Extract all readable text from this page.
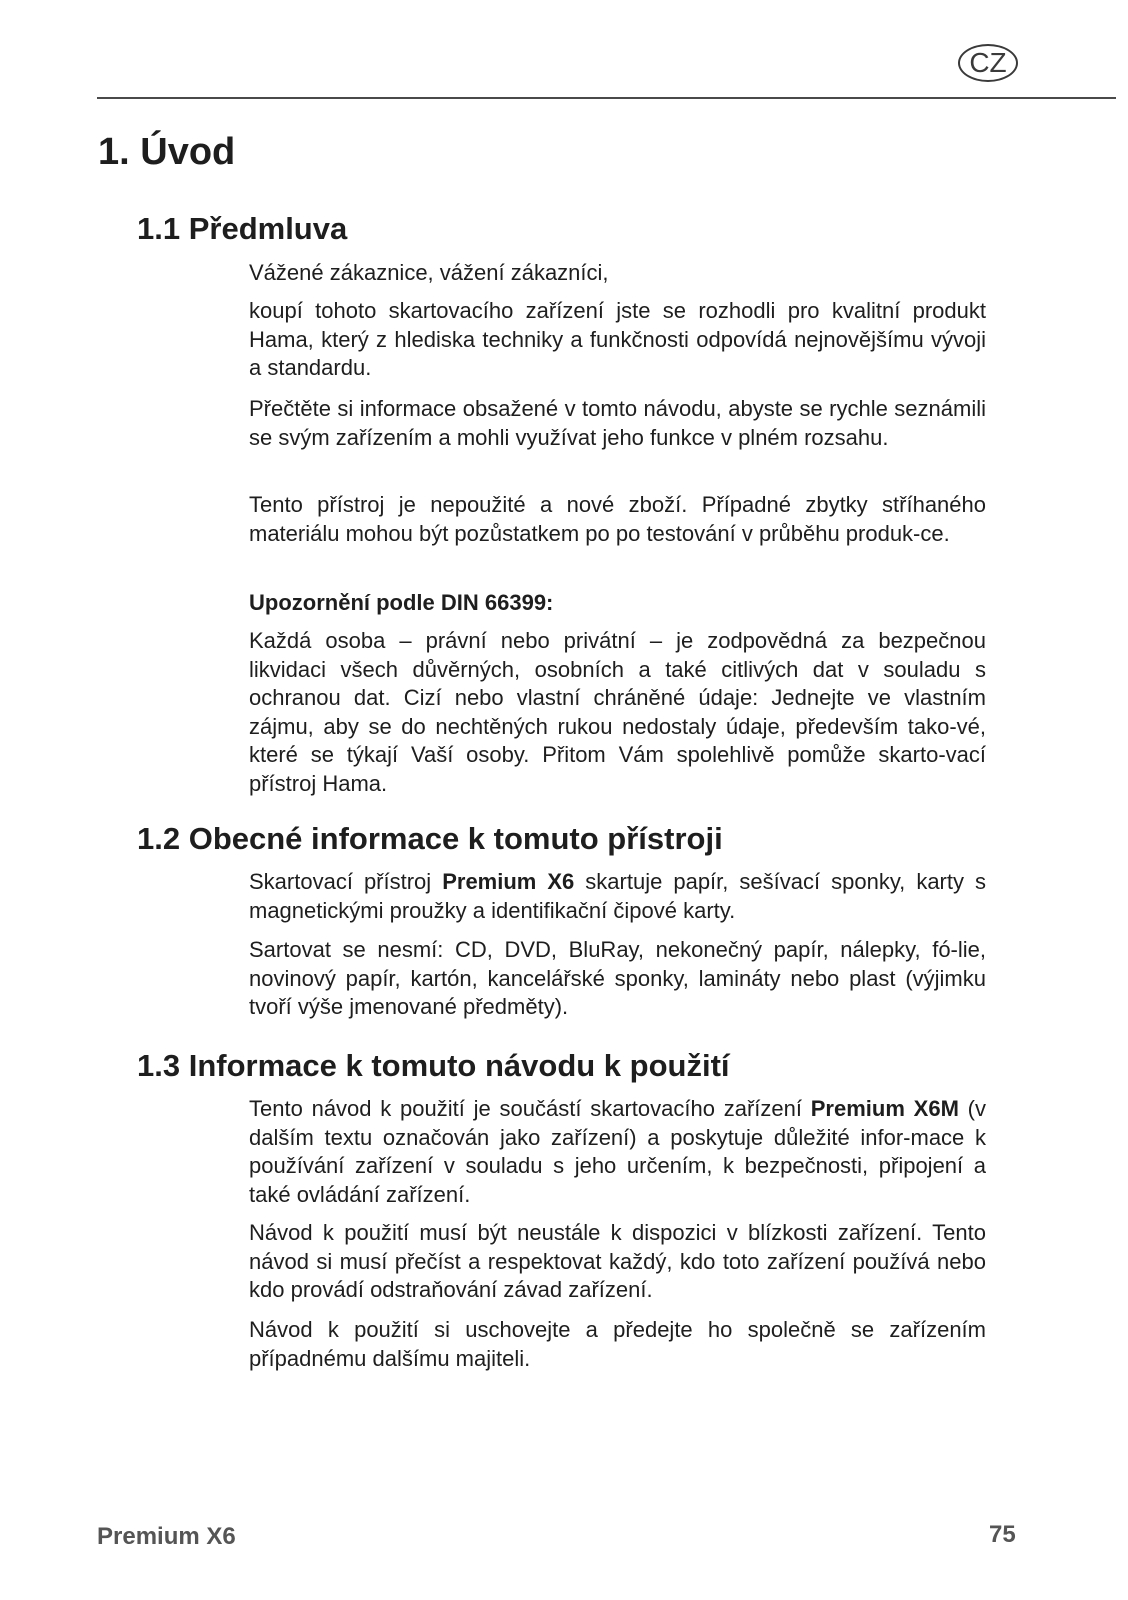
CZ
1. Úvod
1.1 Předmluva

Vážené zákaznice, vážení zákazníci,

koupí tohoto skartovacího zařízení jste se rozhodli pro kvalitní produkt Hama, který z hlediska techniky a funkčnosti odpovídá nejnovějšímu vývoji a standardu.

Přečtěte si informace obsažené v tomto návodu, abyste se rychle seznámili se svým zařízením a mohli využívat jeho funkce v plném rozsahu.

Tento přístroj je nepoužité a nové zboží. Případné zbytky stříhaného materiálu mohou být pozůstatkem po po testování v průběhu produk-ce.

Upozornění podle DIN 66399:

Každá osoba – právní nebo privátní – je zodpovědná za bezpečnou likvidaci všech důvěrných, osobních a také citlivých dat v souladu s ochranou dat. Cizí nebo vlastní chráněné údaje: Jednejte ve vlastním zájmu, aby se do nechtěných rukou nedostaly údaje, především tako-vé, které se týkají Vaší osoby. Přitom Vám spolehlivě pomůže skarto-vací přístroj Hama.

1.2 Obecné informace k tomuto přístroji

Skartovací přístroj Premium X6 skartuje papír, sešívací sponky, karty s magnetickými proužky a identifikační čipové karty.

Sartovat se nesmí: CD, DVD, BluRay, nekonečný papír, nálepky, fó-lie, novinový papír, kartón, kancelářské sponky, lamináty nebo plast (výjimku tvoří výše jmenované předměty).

1.3 Informace k tomuto návodu k použití

Tento návod k použití je součástí skartovacího zařízení Premium X6M (v dalším textu označován jako zařízení) a poskytuje důležité infor-mace k používání zařízení v souladu s jeho určením, k bezpečnosti, připojení a také ovládání zařízení.

Návod k použití musí být neustále k dispozici v blízkosti zařízení. Tento návod si musí přečíst a respektovat každý, kdo toto zařízení používá nebo kdo provádí odstraňování závad zařízení.

Návod k použití si uschovejte a předejte ho společně se zařízením případnému dalšímu majiteli.

Premium X6	75
